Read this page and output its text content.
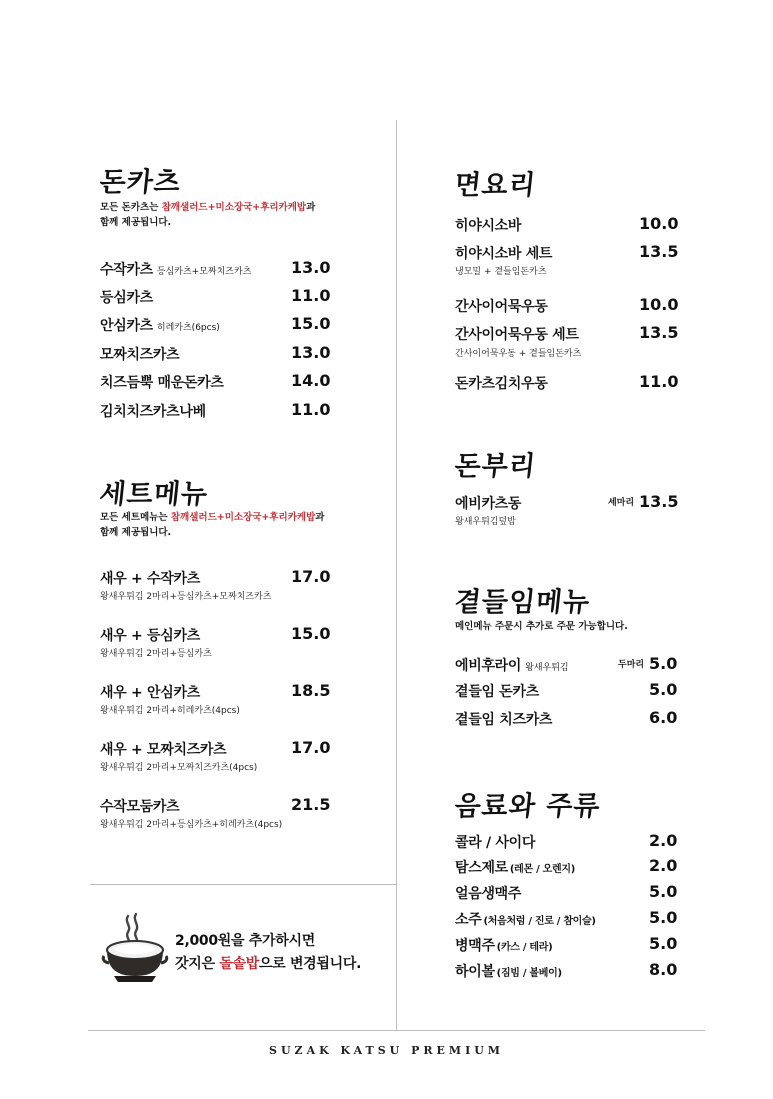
돈카츠
모든 돈카츠는 참깨샐러드+미소장국+후리카케밥과
함께 제공됩니다.
수작카츠 등심카츠+모짜치즈카츠 13.0
등심카츠	11.0
안심카츠 히레카츠(6pcs)	15.0
모짜치즈카츠	13.0
치즈듬뿍 매운돈카츠	14.0
김치치즈카츠나베	11.0
세트메뉴
모든 세트메뉴는 참깨샐러드+미소장국+후리카케밥과
함께 제공됩니다.
새우 + 수작카츠	17.0
왕새우튀김 2마리+등심카츠+모짜치즈카츠
새우 + 등심카츠	15.0
왕새우튀김 2마리+등심카츠
새우 + 안심카츠	18.5
왕새우튀김 2마리+히레카츠(4pcs)
새우 + 모짜치즈카츠	17.0
왕새우튀김 2마리+모짜치즈카츠(4pcs)
수작모둠카츠	21.5
왕새우튀김 2마리+등심카츠+히레카츠(4pcs)
2,000원을 추가하시면
갓지은 돌솥밥으로 변경됩니다.
면요리
히야시소바	10.0
히야시소바 세트	13.5
냉모밀 + 곁들임돈카츠
간사이어묵우동	10.0
간사이어묵우동 세트	13.5
간사이어묵우동 + 곁들임돈카츠
돈카츠김치우동	11.0
돈부리
에비카츠동	세마리 13.5
왕새우튀김덮밥
곁들임메뉴
메인메뉴 주문시 추가로 주문 가능합니다.
에비후라이 왕새우튀김	두마리 5.0
곁들임 돈카츠	5.0
곁들임 치즈카츠	6.0
음료와 주류
콜라 / 사이다	2.0
탐스제로 (레몬 / 오렌지)	2.0
얼음생맥주	5.0
소주 (처음처럼 / 진로 / 참이슬)	5.0
병맥주 (카스 / 테라)	5.0
하이볼 (짐빔 / 볼베이)	8.0
SUZAK KATSU PREMIUM
